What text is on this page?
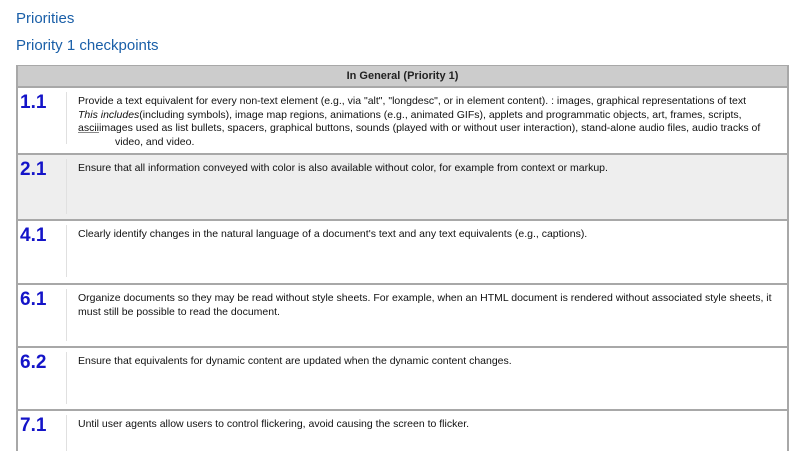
Priorities
Priority 1 checkpoints
In General (Priority 1)
1.1	Provide a text equivalent for every non-text element (e.g., via "alt", "longdesc", or in element content). : images, graphical representations of text
This includes(including symbols), image map regions, animations (e.g., animated GIFs), applets and programmatic objects, art, frames, scripts,
asciiimages used as list bullets, spacers, graphical buttons, sounds (played with or without user interaction), stand-alone audio files, audio tracks of
video, and video.
2.1	Ensure that all information conveyed with color is also available without color, for example from context or markup.
4.1	Clearly identify changes in the natural language of a document's text and any text equivalents (e.g., captions).
6.1	Organize documents so they may be read without style sheets. For example, when an HTML document is rendered without associated style sheets, it must still be possible to read the document.
6.2	Ensure that equivalents for dynamic content are updated when the dynamic content changes.
7.1	Until user agents allow users to control flickering, avoid causing the screen to flicker.
